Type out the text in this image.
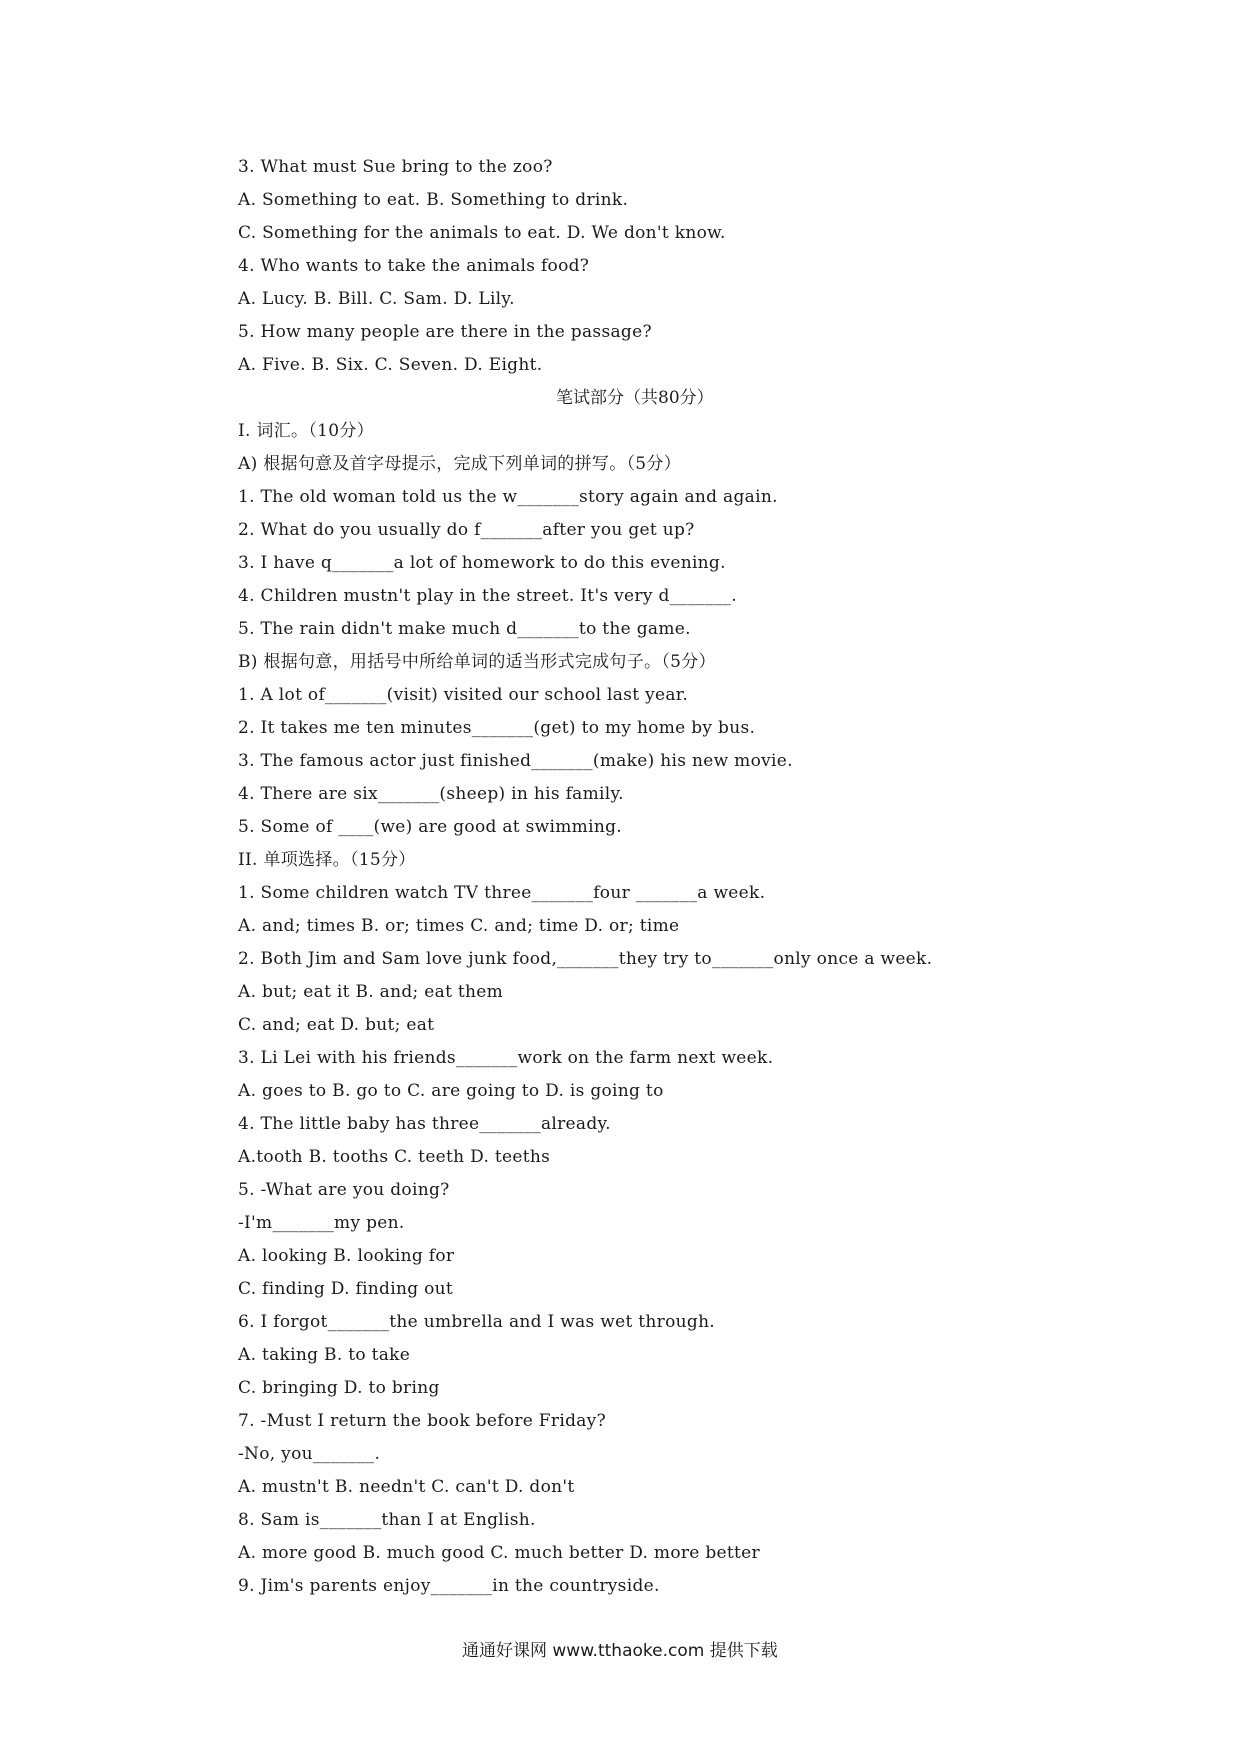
3. What must Sue bring to the zoo?
A. Something to eat. B. Something to drink.
C. Something for the animals to eat. D. We don't know.
4. Who wants to take the animals food?
A. Lucy. B. Bill. C. Sam. D. Lily.
5. How many people are there in the passage?
A. Five. B. Six. C. Seven. D. Eight.
笔试部分（共80分）
I. 词汇。（10分）
A) 根据句意及首字母提示，完成下列单词的拼写。（5分）
1. The old woman told us the w_______story again and again.
2. What do you usually do f_______after you get up?
3. I have q_______a lot of homework to do this evening.
4. Children mustn't play in the street. It's very d_______.
5. The rain didn't make much d_______to the game.
B) 根据句意，用括号中所给单词的适当形式完成句子。（5分）
1. A lot of_______(visit) visited our school last year.
2. It takes me ten minutes_______(get) to my home by bus.
3. The famous actor just finished_______(make) his new movie.
4. There are six_______(sheep) in his family.
5. Some of ____(we) are good at swimming.
II. 单项选择。（15分）
1. Some children watch TV three_______four _______a week.
A. and; times B. or; times C. and; time D. or; time
2. Both Jim and Sam love junk food,_______they try to_______only once a week.
A. but; eat it B. and; eat them
C. and; eat D. but; eat
3. Li Lei with his friends_______work on the farm next week.
A. goes to B. go to C. are going to D. is going to
4. The little baby has three_______already.
A.tooth B. tooths C. teeth D. teeths
5. -What are you doing?
-I'm_______my pen.
A. looking B. looking for
C. finding D. finding out
6. I forgot_______the umbrella and I was wet through.
A. taking B. to take
C. bringing D. to bring
7. -Must I return the book before Friday?
-No, you_______.
A. mustn't B. needn't C. can't D. don't
8. Sam is_______than I at English.
A. more good B. much good C. much better D. more better
9. Jim's parents enjoy_______in the countryside.
通通好课网 www.tthaoke.com 提供下载
